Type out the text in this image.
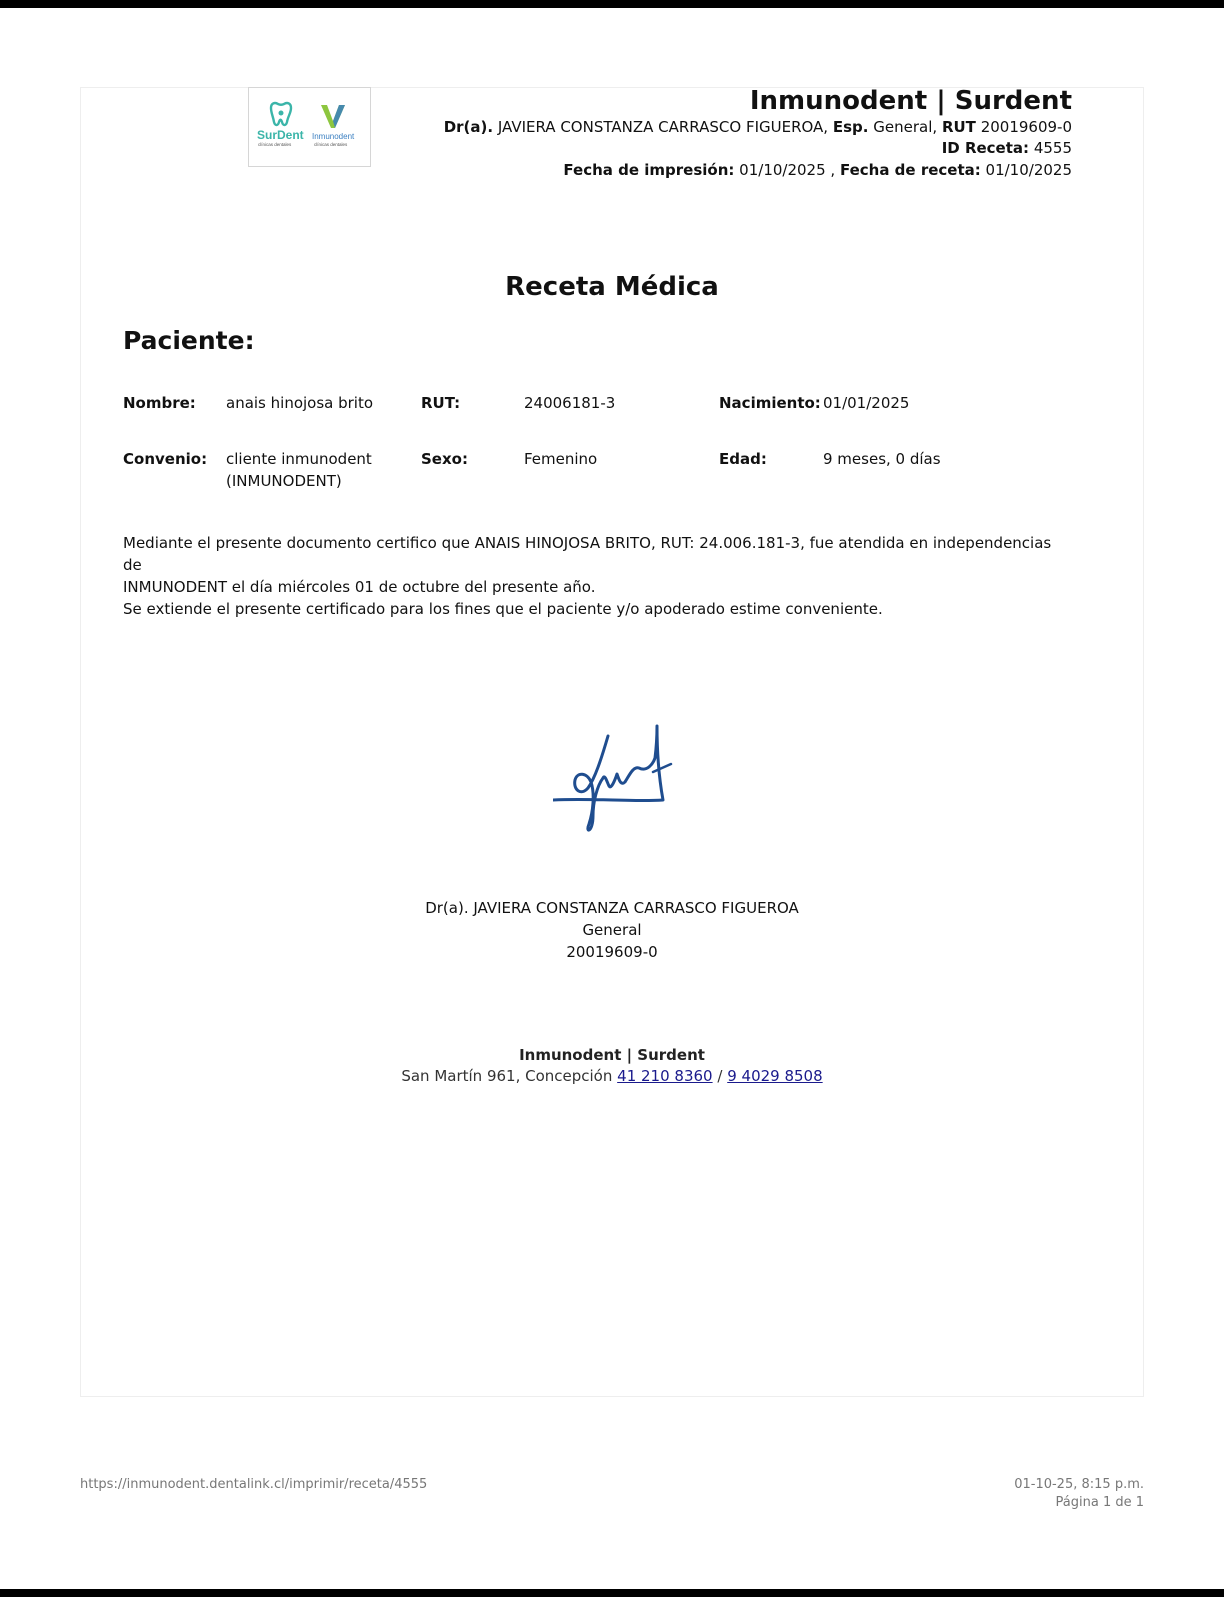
SurDent
clínicas dentales
Inmunodent
clínicas dentales
Inmunodent | Surdent
Dr(a). JAVIERA CONSTANZA CARRASCO FIGUEROA, Esp. General, RUT 20019609-0
ID Receta: 4555
Fecha de impresión: 01/10/2025 , Fecha de receta: 01/10/2025
Receta Médica
Paciente:
Nombre: anais hinojosa brito	RUT:	24006181-3	Nacimiento: 01/01/2025
Convenio: cliente inmunodent
(INMUNODENT)
Sexo:	Femenino	Edad:	9 meses, 0 días

Mediante el presente documento certifico que ANAIS HINOJOSA BRITO, RUT: 24.006.181-3, fue atendida en independencias de

INMUNODENT el día miércoles 01 de octubre del presente año.

Se extiende el presente certificado para los fines que el paciente y/o apoderado estime conveniente.

Dr(a). JAVIERA CONSTANZA CARRASCO FIGUEROA
General
20019609-0
Inmunodent | Surdent
San Martín 961, Concepción 41 210 8360 / 9 4029 8508
https://inmunodent.dentalink.cl/imprimir/receta/4555	01-10-25, 8:15 p.m.
Página 1 de 1
